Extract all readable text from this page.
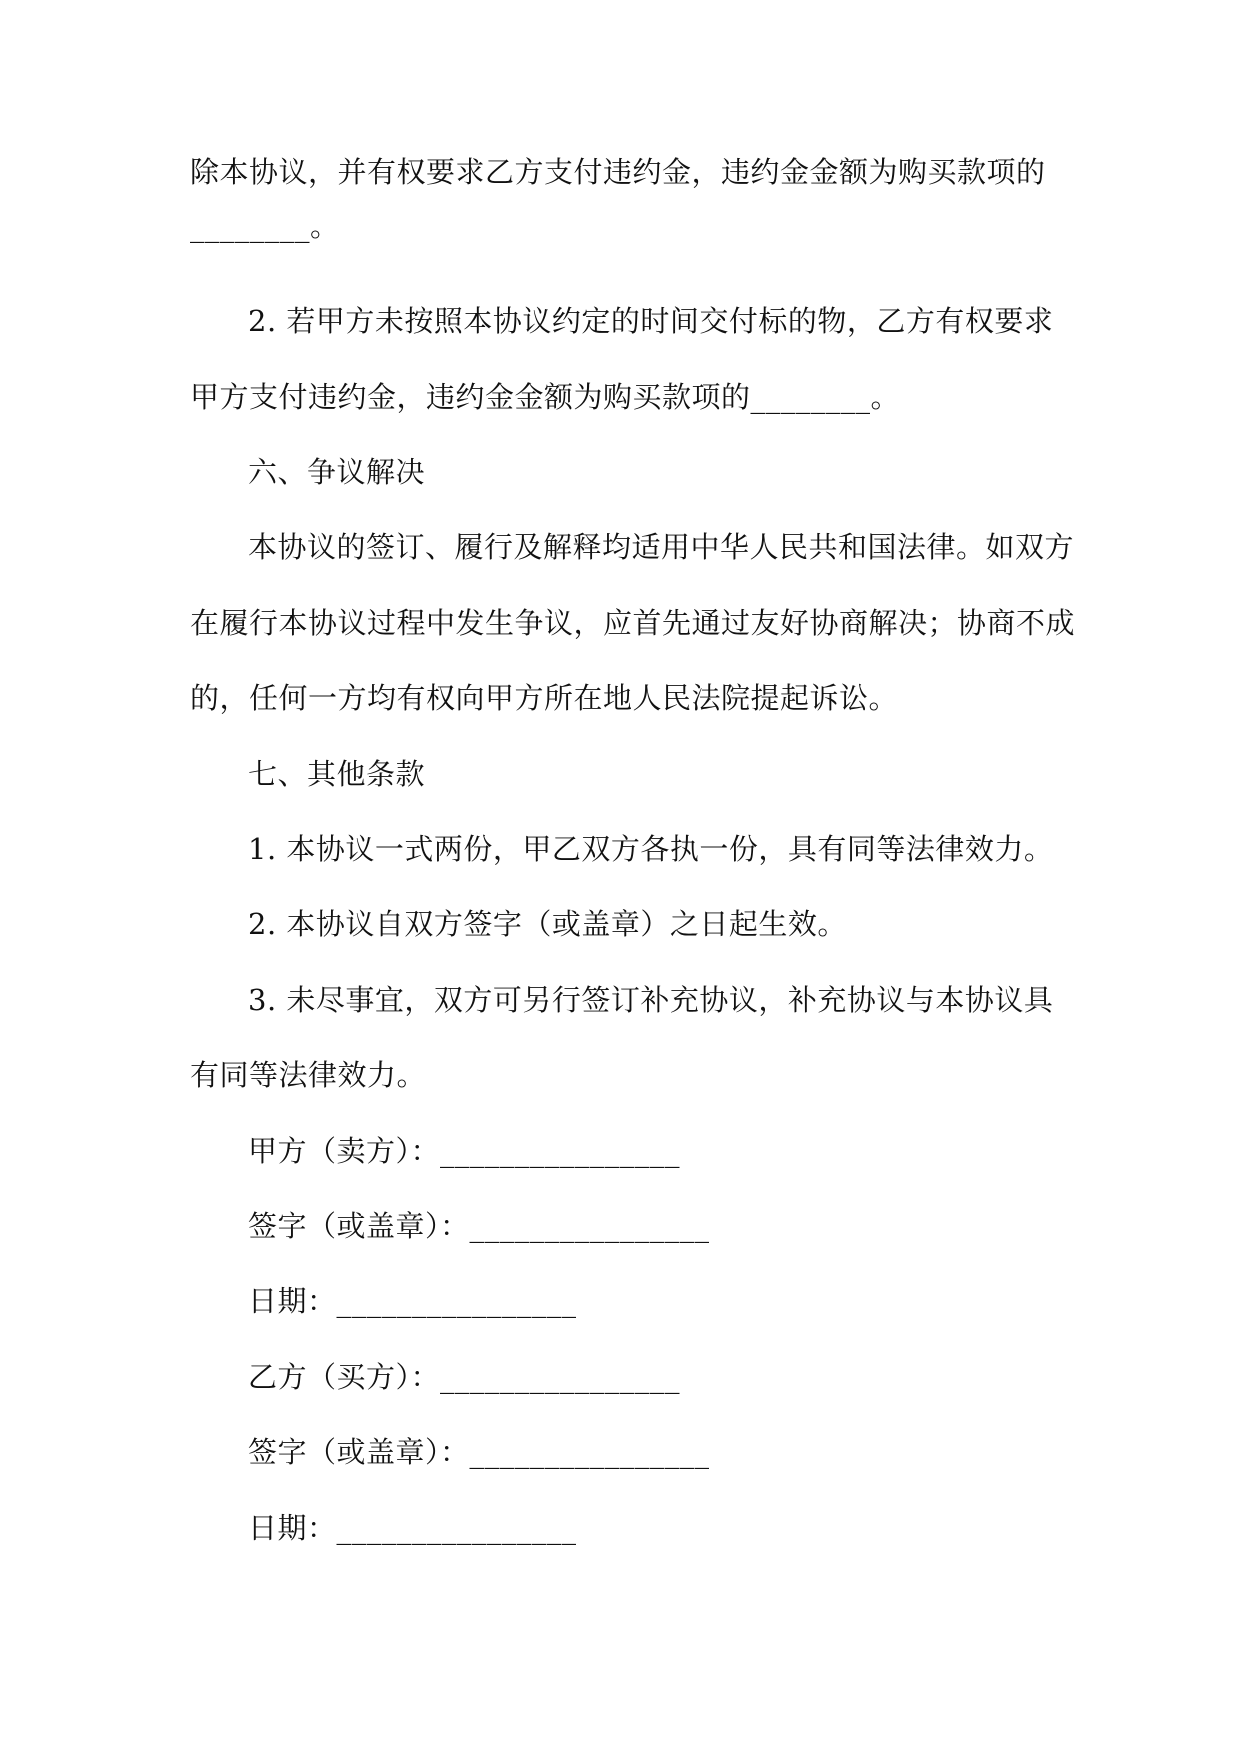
除本协议，并有权要求乙方支付违约金，违约金金额为购买款项的
________。
2. 若甲方未按照本协议约定的时间交付标的物，乙方有权要求
甲方支付违约金，违约金金额为购买款项的________。
六、争议解决
本协议的签订、履行及解释均适用中华人民共和国法律。如双方
在履行本协议过程中发生争议，应首先通过友好协商解决；协商不成
的，任何一方均有权向甲方所在地人民法院提起诉讼。
七、其他条款
1. 本协议一式两份，甲乙双方各执一份，具有同等法律效力。
2. 本协议自双方签字（或盖章）之日起生效。
3. 未尽事宜，双方可另行签订补充协议，补充协议与本协议具
有同等法律效力。
甲方（卖方）：________________
签字（或盖章）：________________
日期：________________
乙方（买方）：________________
签字（或盖章）：________________
日期：________________
